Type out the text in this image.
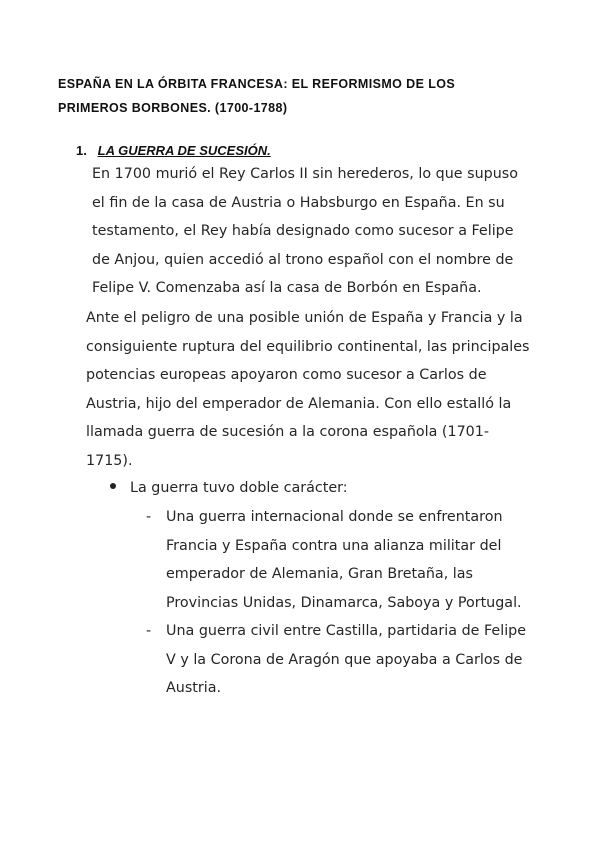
ESPAÑA EN LA ÓRBITA FRANCESA: EL REFORMISMO DE LOS PRIMEROS BORBONES. (1700-1788)
1. LA GUERRA DE SUCESIÓN.

En 1700 murió el Rey Carlos II sin herederos, lo que supuso el fin de la casa de Austria o Habsburgo en España. En su testamento, el Rey había designado como sucesor a Felipe de Anjou, quien accedió al trono español con el nombre de Felipe V. Comenzaba así la casa de Borbón en España.

Ante el peligro de una posible unión de España y Francia y la consiguiente ruptura del equilibrio continental, las principales potencias europeas apoyaron como sucesor a Carlos de Austria, hijo del emperador de Alemania. Con ello estalló la llamada guerra de sucesión a la corona española (1701-1715).

La guerra tuvo doble carácter:
- Una guerra internacional donde se enfrentaron Francia y España contra una alianza militar del emperador de Alemania, Gran Bretaña, las Provincias Unidas, Dinamarca, Saboya y Portugal.
- Una guerra civil entre Castilla, partidaria de Felipe V y la Corona de Aragón que apoyaba a Carlos de Austria.
